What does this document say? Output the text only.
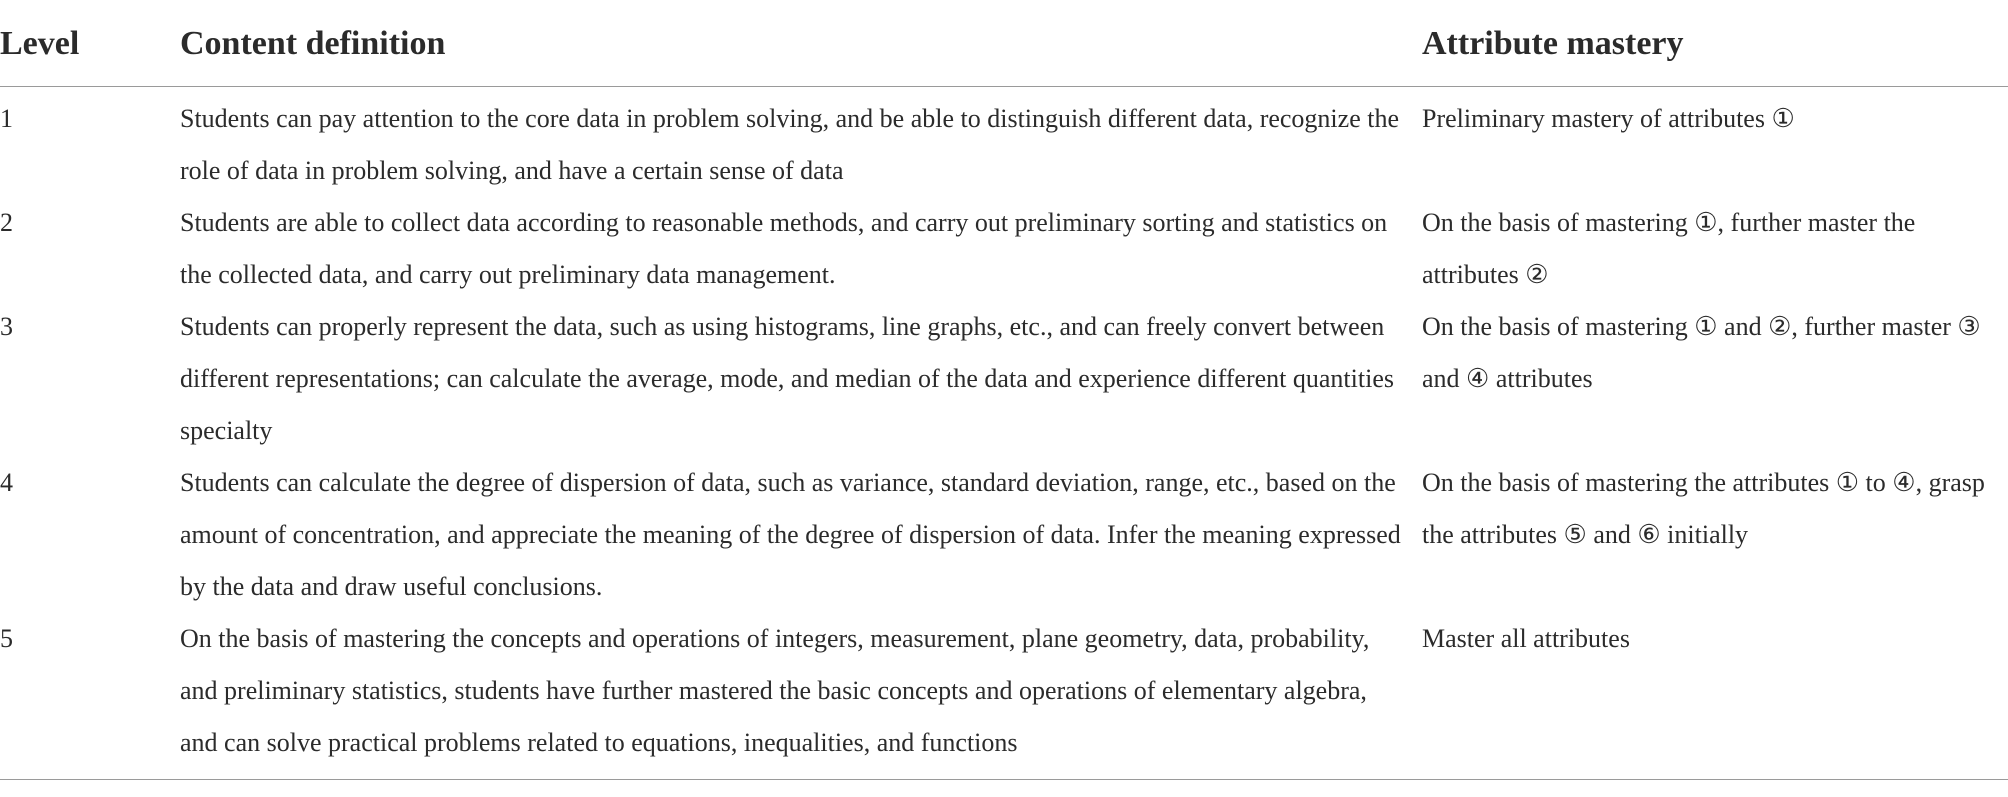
Level	Content definition	Attribute mastery
1	Students can pay attention to the core data in problem solving, and be able to distinguish different data, recognize the role of data in problem solving, and have a certain sense of data	Preliminary mastery of attributes ①
2	Students are able to collect data according to reasonable methods, and carry out preliminary sorting and statistics on the collected data, and carry out preliminary data management.	On the basis of mastering ①, further master the attributes ②
3	Students can properly represent the data, such as using histograms, line graphs, etc., and can freely convert between different representations; can calculate the average, mode, and median of the data and experience different quantities specialty	On the basis of mastering ① and ②, further master ③ and ④ attributes
4	Students can calculate the degree of dispersion of data, such as variance, standard deviation, range, etc., based on the amount of concentration, and appreciate the meaning of the degree of dispersion of data. Infer the meaning expressed by the data and draw useful conclusions.	On the basis of mastering the attributes ① to ④, grasp the attributes ⑤ and ⑥ initially
5	On the basis of mastering the concepts and operations of integers, measurement, plane geometry, data, probability, and preliminary statistics, students have further mastered the basic concepts and operations of elementary algebra, and can solve practical problems related to equations, inequalities, and functions	Master all attributes
